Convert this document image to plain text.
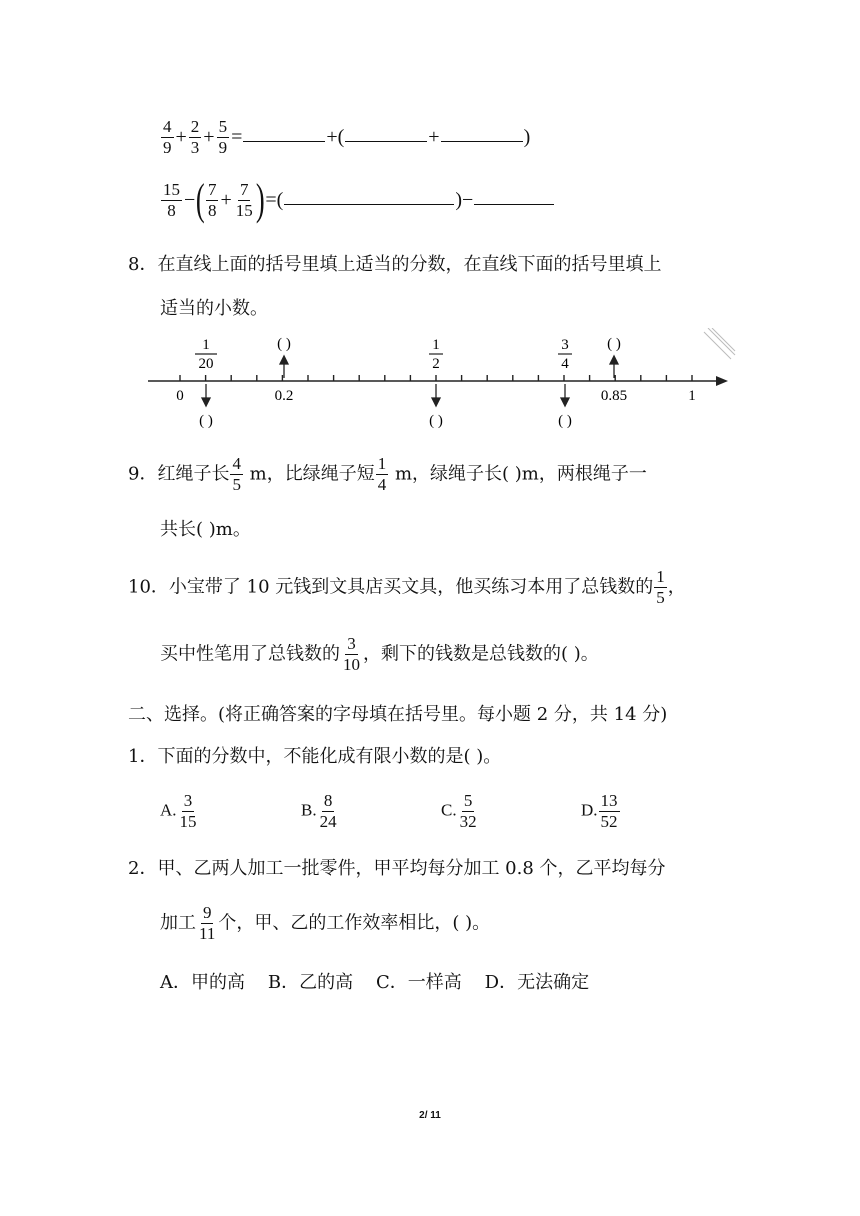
$\frac{4}{9} + \frac{2}{3} + \frac{5}{9}$ =	+(	+	)
$\frac{15}{8}$ −( $\frac{7}{8} + \frac{7}{15}$ )=(	)−
8．在直线上面的括号里填上适当的分数，在直线下面的括号里填上
适当的小数。
1
20
1
2
3
4
( )	( )
0	0.2	0.85	1
( )	( )	( )
9．红绳子长 $\frac{4}{5}$ m，比绿绳子短 $\frac{1}{4}$ m，绿绳子长( )m，两根绳子一
共长( )m。
10．小宝带了 10 元钱到文具店买文具，他买练习本用了总钱数的 $\frac{1}{5}$ ，
买中性笔用了总钱数的 $\frac{3}{10}$ ，剩下的钱数是总钱数的( )。
二、选择。(将正确答案的字母填在括号里。每小题 2 分，共 14 分)
1．下面的分数中，不能化成有限小数的是( )。
A. $\frac{3}{15}$	B. $\frac{8}{24}$	C. $\frac{5}{32}$	D. $\frac{13}{52}$
2．甲、乙两人加工一批零件，甲平均每分加工 0.8 个，乙平均每分
加工 $\frac{9}{11}$ 个，甲、乙的工作效率相比，( )。
A．甲的高    B．乙的高    C．一样高    D．无法确定
2/ 11
